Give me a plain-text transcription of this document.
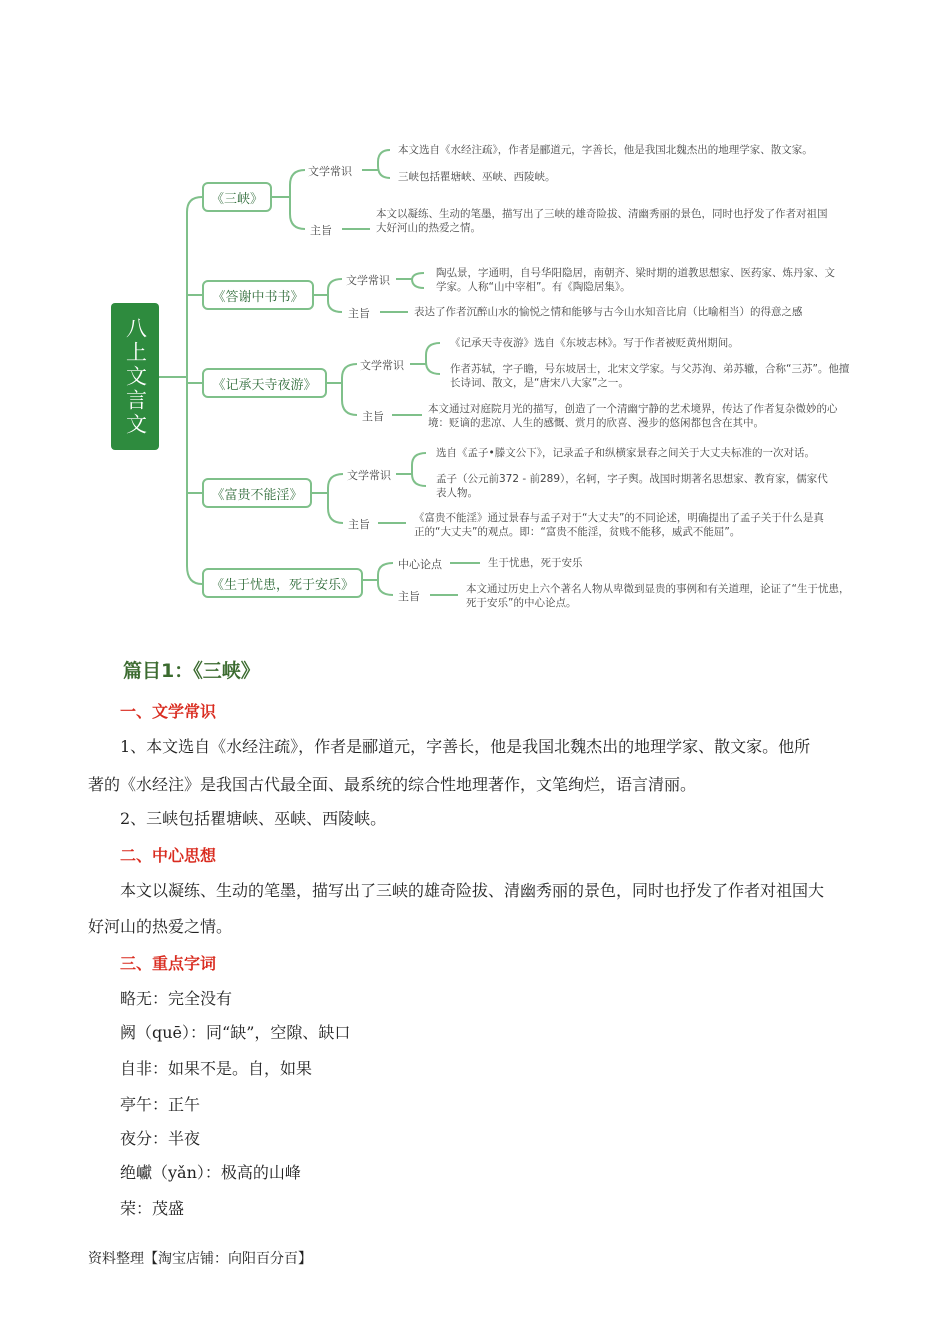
八上文言文
《三峡》
文学常识
本文选自《水经注疏》，作者是郦道元，字善长，他是我国北魏杰出的地理学家、散文家。
三峡包括瞿塘峡、巫峡、西陵峡。
主旨
本文以凝练、生动的笔墨，描写出了三峡的雄奇险拔、清幽秀丽的景色，同时也抒发了作者对祖国大好河山的热爱之情。
《答谢中书书》
文学常识
陶弘景，字通明，自号华阳隐居，南朝齐、梁时期的道教思想家、医药家、炼丹家、文学家。人称“山中宰相”。有《陶隐居集》。
主旨	表达了作者沉醉山水的愉悦之情和能够与古今山水知音比肩（比喻相当）的得意之感
《记承天寺夜游》
文学常识
《记承天寺夜游》选自《东坡志林》。写于作者被贬黄州期间。
作者苏轼，字子瞻，号东坡居士，北宋文学家。与父苏洵、弟苏辙，合称“三苏”。他擅长诗词、散文，是“唐宋八大家”之一。
主旨
本文通过对庭院月光的描写，创造了一个清幽宁静的艺术境界，传达了作者复杂微妙的心境：贬谪的悲凉、人生的感慨、赏月的欣喜、漫步的悠闲都包含在其中。
《富贵不能淫》
文学常识
选自《孟子•滕文公下》，记录孟子和纵横家景春之间关于大丈夫标准的一次对话。
孟子（公元前372 - 前289），名轲，字子舆。战国时期著名思想家、教育家，儒家代表人物。
主旨	《富贵不能淫》通过景春与孟子对于“大丈夫”的不同论述，明确提出了孟子关于什么是真正的“大丈夫”的观点。即：“富贵不能淫，贫贱不能移，威武不能屈”。
《生于忧患，死于安乐》
中心论点	生于忧患，死于安乐
主旨
本文通过历史上六个著名人物从卑微到显贵的事例和有关道理，论证了“生于忧患，死于安乐”的中心论点。
篇目1：《三峡》
一、文学常识
1、本文选自《水经注疏》，作者是郦道元，字善长，他是我国北魏杰出的地理学家、散文家。他所
著的《水经注》是我国古代最全面、最系统的综合性地理著作，文笔绚烂，语言清丽。
2、三峡包括瞿塘峡、巫峡、西陵峡。
二、中心思想
本文以凝练、生动的笔墨，描写出了三峡的雄奇险拔、清幽秀丽的景色，同时也抒发了作者对祖国大
好河山的热爱之情。
三、重点字词
略无：完全没有
阙（quē）：同“缺”，空隙、缺口
自非：如果不是。自，如果
亭午：正午
夜分：半夜
绝巘（yǎn）：极高的山峰
荣：茂盛
资料整理【淘宝店铺：向阳百分百】
